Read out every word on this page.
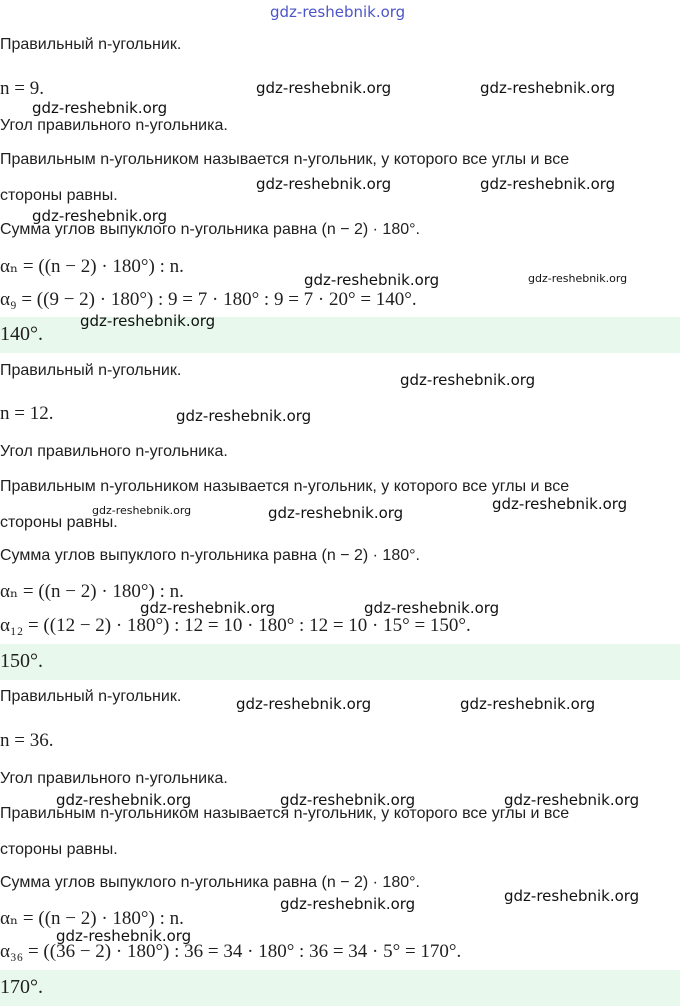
gdz-reshebnik.org
Правильный n-угольник.
n = 9.
Угол правильного n-угольника.
Правильным n-угольником называется n-угольник, у которого все углы и все
стороны равны.
Сумма углов выпуклого n-угольника равна (n − 2) · 180°.
αₙ = ((n − 2) · 180°) : n.
α₉ = ((9 − 2) · 180°) : 9 = 7 · 180° : 9 = 7 · 20° = 140°.
140°.
Правильный n-угольник.
n = 12.
Угол правильного n-угольника.
Правильным n-угольником называется n-угольник, у которого все углы и все
стороны равны.
Сумма углов выпуклого n-угольника равна (n − 2) · 180°.
αₙ = ((n − 2) · 180°) : n.
α₁₂ = ((12 − 2) · 180°) : 12 = 10 · 180° : 12 = 10 · 15° = 150°.
150°.
Правильный n-угольник.
n = 36.
Угол правильного n-угольника.
Правильным n-угольником называется n-угольник, у которого все углы и все
стороны равны.
Сумма углов выпуклого n-угольника равна (n − 2) · 180°.
αₙ = ((n − 2) · 180°) : n.
α₃₆ = ((36 − 2) · 180°) : 36 = 34 · 180° : 36 = 34 · 5° = 170°.
170°.
gdz-reshebnik.org	gdz-reshebnik.org
gdz-reshebnik.org
gdz-reshebnik.org	gdz-reshebnik.org
gdz-reshebnik.org
gdz-reshebnik.org	gdz-reshebnik.org
gdz-reshebnik.org
gdz-reshebnik.org
gdz-reshebnik.org
gdz-reshebnik.org	gdz-reshebnik.org	gdz-reshebnik.org
gdz-reshebnik.org	gdz-reshebnik.org
gdz-reshebnik.org	gdz-reshebnik.org
gdz-reshebnik.org	gdz-reshebnik.org	gdz-reshebnik.org
gdz-reshebnik.org
gdz-reshebnik.org
gdz-reshebnik.org
